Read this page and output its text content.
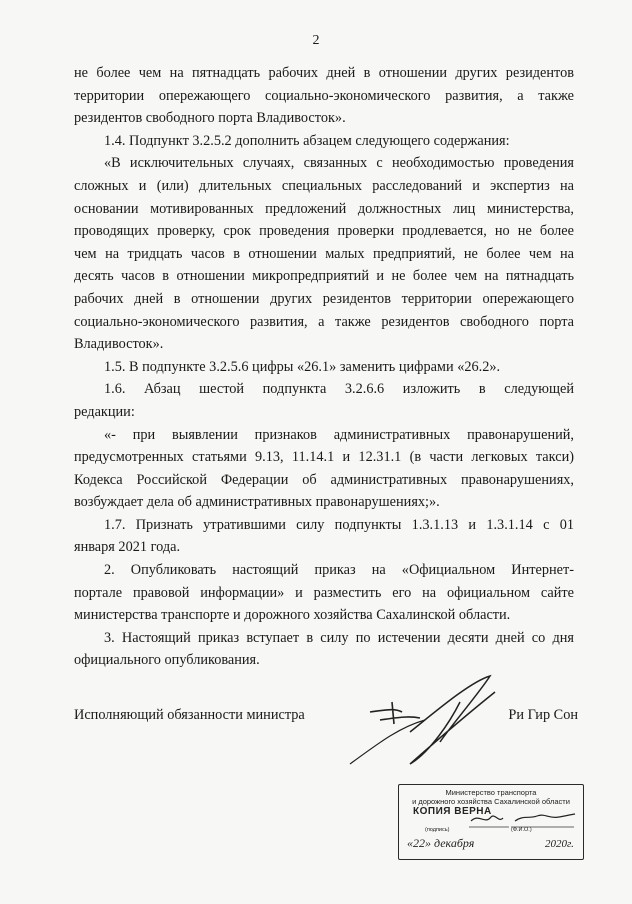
2

не более чем на пятнадцать рабочих дней в отношении других резидентов

территории опережающего социально-экономического развития, а также

резидентов свободного порта Владивосток».

1.4. Подпункт 3.2.5.2 дополнить абзацем следующего содержания:

«В исключительных случаях, связанных с необходимостью проведения

сложных и (или) длительных специальных расследований и экспертиз на

основании мотивированных предложений должностных лиц министерства,

проводящих проверку, срок проведения проверки продлевается, но не более

чем на тридцать часов в отношении малых предприятий, не более чем на

десять часов в отношении микропредприятий и не более чем на пятнадцать

рабочих дней в отношении других резидентов территории опережающего

социально-экономического развития, а также резидентов свободного порта

Владивосток».

1.5. В подпункте 3.2.5.6 цифры «26.1» заменить цифрами «26.2».

1.6. Абзац шестой подпункта 3.2.6.6 изложить в следующей

редакции:

«- при выявлении признаков административных правонарушений,

предусмотренных статьями 9.13, 11.14.1 и 12.31.1 (в части легковых такси)

Кодекса Российской Федерации об административных правонарушениях,

возбуждает дела об административных правонарушениях;».

1.7. Признать утратившими силу подпункты 1.3.1.13 и 1.3.1.14 с 01

января 2021 года.

2. Опубликовать настоящий приказ на «Официальном Интернет-

портале правовой информации» и разместить его на официальном сайте

министерства транспорте и дорожного хозяйства Сахалинской области.

3. Настоящий приказ вступает в силу по истечении десяти дней со дня

официального опубликования.

Исполняющий обязанности министра	Ри Гир Сон
Министерство транспорта
и дорожного хозяйства Сахалинской области
КОПИЯ ВЕРНА
(подпись)	(Ф.И.О.)
«22» декабря	2020г.
